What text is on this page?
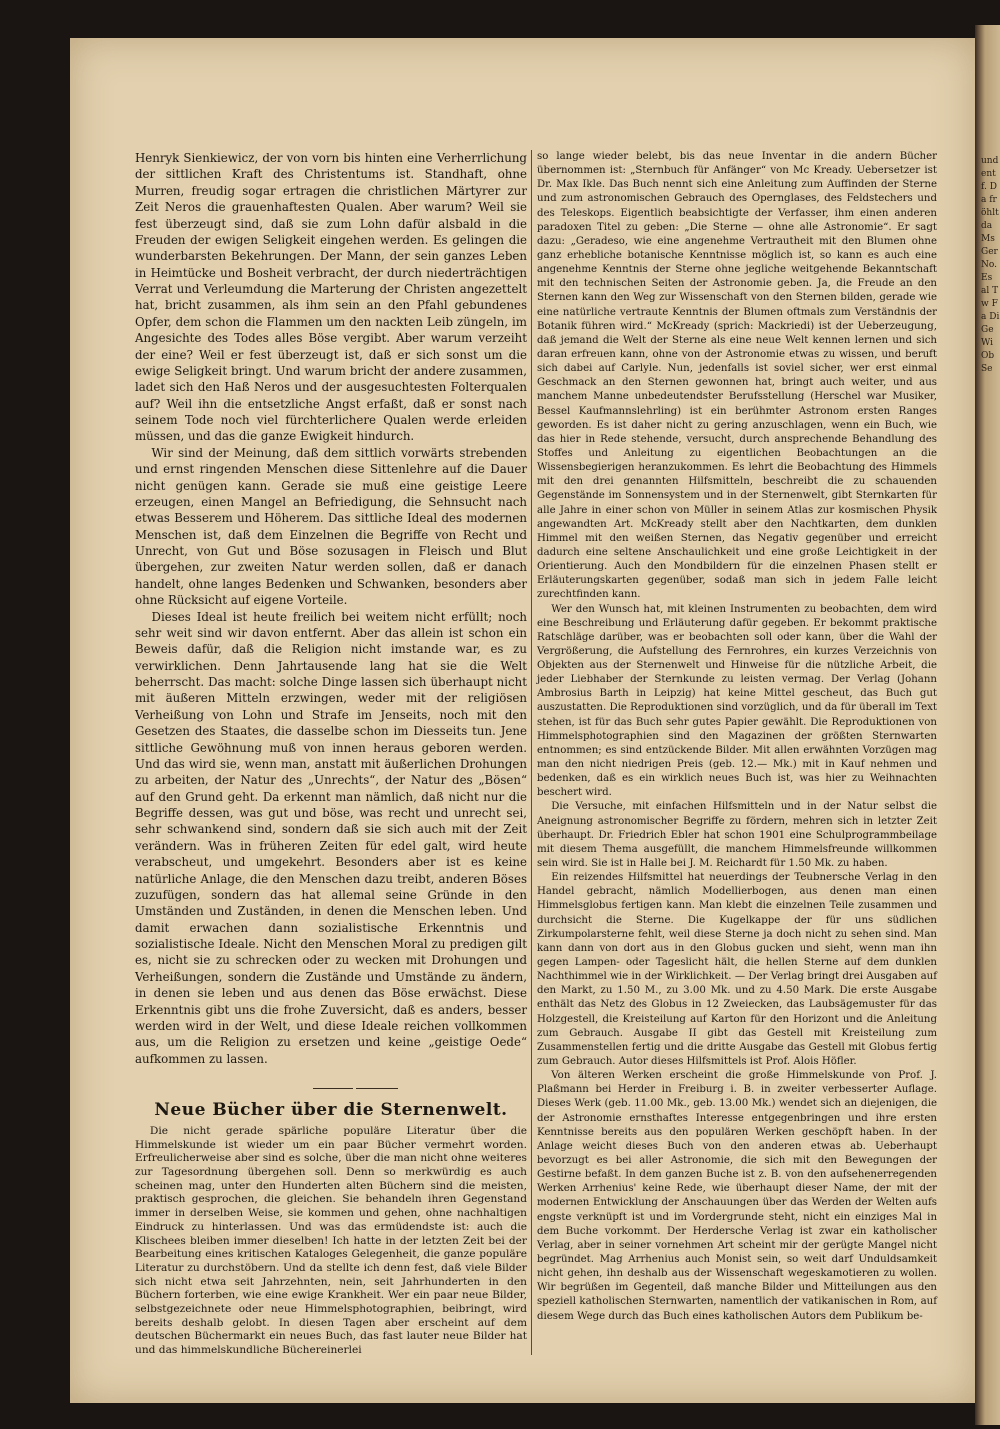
und ent f. Da fröhlt da Ms Ger No. Es al Tw Fa Di Ge Wi Ob Se

Henryk Sienkiewicz, der von vorn bis hinten eine Verherrlichung der sittlichen Kraft des Christentums ist. Standhaft, ohne Murren, freudig sogar ertragen die christlichen Märtyrer zur Zeit Neros die grauenhaftesten Qualen. Aber warum? Weil sie fest überzeugt sind, daß sie zum Lohn dafür alsbald in die Freuden der ewigen Seligkeit eingehen werden. Es gelingen die wunderbarsten Bekehrungen. Der Mann, der sein ganzes Leben in Heimtücke und Bosheit verbracht, der durch niederträchtigen Verrat und Verleumdung die Marterung der Christen angezettelt hat, bricht zusammen, als ihm sein an den Pfahl gebundenes Opfer, dem schon die Flammen um den nackten Leib züngeln, im Angesichte des Todes alles Böse vergibt. Aber warum verzeiht der eine? Weil er fest überzeugt ist, daß er sich sonst um die ewige Seligkeit bringt. Und warum bricht der andere zusammen, ladet sich den Haß Neros und der ausgesuchtesten Folterqualen auf? Weil ihn die entsetzliche Angst erfaßt, daß er sonst nach seinem Tode noch viel fürchterlichere Qualen werde erleiden müssen, und das die ganze Ewigkeit hindurch.

Wir sind der Meinung, daß dem sittlich vorwärts strebenden und ernst ringenden Menschen diese Sittenlehre auf die Dauer nicht genügen kann. Gerade sie muß eine geistige Leere erzeugen, einen Mangel an Befriedigung, die Sehnsucht nach etwas Besserem und Höherem. Das sittliche Ideal des modernen Menschen ist, daß dem Einzelnen die Begriffe von Recht und Unrecht, von Gut und Böse sozusagen in Fleisch und Blut übergehen, zur zweiten Natur werden sollen, daß er danach handelt, ohne langes Bedenken und Schwanken, besonders aber ohne Rücksicht auf eigene Vorteile.

Dieses Ideal ist heute freilich bei weitem nicht erfüllt; noch sehr weit sind wir davon entfernt. Aber das allein ist schon ein Beweis dafür, daß die Religion nicht imstande war, es zu verwirklichen. Denn Jahrtausende lang hat sie die Welt beherrscht. Das macht: solche Dinge lassen sich überhaupt nicht mit äußeren Mitteln erzwingen, weder mit der religiösen Verheißung von Lohn und Strafe im Jenseits, noch mit den Gesetzen des Staates, die dasselbe schon im Diesseits tun. Jene sittliche Gewöhnung muß von innen heraus geboren werden. Und das wird sie, wenn man, anstatt mit äußerlichen Drohungen zu arbeiten, der Natur des „Unrechts“, der Natur des „Bösen“ auf den Grund geht. Da erkennt man nämlich, daß nicht nur die Begriffe dessen, was gut und böse, was recht und unrecht sei, sehr schwankend sind, sondern daß sie sich auch mit der Zeit verändern. Was in früheren Zeiten für edel galt, wird heute verabscheut, und umgekehrt. Besonders aber ist es keine natürliche Anlage, die den Menschen dazu treibt, anderen Böses zuzufügen, sondern das hat allemal seine Gründe in den Umständen und Zuständen, in denen die Menschen leben. Und damit erwachen dann sozialistische Erkenntnis und sozialistische Ideale. Nicht den Menschen Moral zu predigen gilt es, nicht sie zu schrecken oder zu wecken mit Drohungen und Verheißungen, sondern die Zustände und Umstände zu ändern, in denen sie leben und aus denen das Böse erwächst. Diese Erkenntnis gibt uns die frohe Zuversicht, daß es anders, besser werden wird in der Welt, und diese Ideale reichen vollkommen aus, um die Religion zu ersetzen und keine „geistige Oede“ aufkommen zu lassen.

Neue Bücher über die Sternenwelt.

Die nicht gerade spärliche populäre Literatur über die Himmelskunde ist wieder um ein paar Bücher vermehrt worden. Erfreulicherweise aber sind es solche, über die man nicht ohne weiteres zur Tagesordnung übergehen soll. Denn so merkwürdig es auch scheinen mag, unter den Hunderten alten Büchern sind die meisten, praktisch gesprochen, die gleichen. Sie behandeln ihren Gegenstand immer in derselben Weise, sie kommen und gehen, ohne nachhaltigen Eindruck zu hinterlassen. Und was das ermüdendste ist: auch die Klischees bleiben immer dieselben! Ich hatte in der letzten Zeit bei der Bearbeitung eines kritischen Kataloges Gelegenheit, die ganze populäre Literatur zu durchstöbern. Und da stellte ich denn fest, daß viele Bilder sich nicht etwa seit Jahrzehnten, nein, seit Jahrhunderten in den Büchern forterben, wie eine ewige Krankheit. Wer ein paar neue Bilder, selbstgezeichnete oder neue Himmelsphotographien, beibringt, wird bereits deshalb gelobt. In diesen Tagen aber erscheint auf dem deutschen Büchermarkt ein neues Buch, das fast lauter neue Bilder hat und das himmelskundliche Büchereinerlei

so lange wieder belebt, bis das neue Inventar in die andern Bücher übernommen ist: „Sternbuch für Anfänger“ von Mc Kready. Uebersetzer ist Dr. Max Ikle. Das Buch nennt sich eine Anleitung zum Auffinden der Sterne und zum astronomischen Gebrauch des Opernglases, des Feldstechers und des Teleskops. Eigentlich beabsichtigte der Verfasser, ihm einen anderen paradoxen Titel zu geben: „Die Sterne — ohne alle Astronomie“. Er sagt dazu: „Geradeso, wie eine angenehme Vertrautheit mit den Blumen ohne ganz erhebliche botanische Kenntnisse möglich ist, so kann es auch eine angenehme Kenntnis der Sterne ohne jegliche weitgehende Bekanntschaft mit den technischen Seiten der Astronomie geben. Ja, die Freude an den Sternen kann den Weg zur Wissenschaft von den Sternen bilden, gerade wie eine natürliche vertraute Kenntnis der Blumen oftmals zum Verständnis der Botanik führen wird.“ McKready (sprich: Mackriedi) ist der Ueberzeugung, daß jemand die Welt der Sterne als eine neue Welt kennen lernen und sich daran erfreuen kann, ohne von der Astronomie etwas zu wissen, und beruft sich dabei auf Carlyle. Nun, jedenfalls ist soviel sicher, wer erst einmal Geschmack an den Sternen gewonnen hat, bringt auch weiter, und aus manchem Manne unbedeutendster Berufsstellung (Herschel war Musiker, Bessel Kaufmannslehrling) ist ein berühmter Astronom ersten Ranges geworden. Es ist daher nicht zu gering anzuschlagen, wenn ein Buch, wie das hier in Rede stehende, versucht, durch ansprechende Behandlung des Stoffes und Anleitung zu eigentlichen Beobachtungen an die Wissensbegierigen heranzukommen. Es lehrt die Beobachtung des Himmels mit den drei genannten Hilfsmitteln, beschreibt die zu schauenden Gegenstände im Sonnensystem und in der Sternenwelt, gibt Sternkarten für alle Jahre in einer schon von Müller in seinem Atlas zur kosmischen Physik angewandten Art. McKready stellt aber den Nachtkarten, dem dunklen Himmel mit den weißen Sternen, das Negativ gegenüber und erreicht dadurch eine seltene Anschaulichkeit und eine große Leichtigkeit in der Orientierung. Auch den Mondbildern für die einzelnen Phasen stellt er Erläuterungskarten gegenüber, sodaß man sich in jedem Falle leicht zurechtfinden kann.

Wer den Wunsch hat, mit kleinen Instrumenten zu beobachten, dem wird eine Beschreibung und Erläuterung dafür gegeben. Er bekommt praktische Ratschläge darüber, was er beobachten soll oder kann, über die Wahl der Vergrößerung, die Aufstellung des Fernrohres, ein kurzes Verzeichnis von Objekten aus der Sternenwelt und Hinweise für die nützliche Arbeit, die jeder Liebhaber der Sternkunde zu leisten vermag. Der Verlag (Johann Ambrosius Barth in Leipzig) hat keine Mittel gescheut, das Buch gut auszustatten. Die Reproduktionen sind vorzüglich, und da für überall im Text stehen, ist für das Buch sehr gutes Papier gewählt. Die Reproduktionen von Himmelsphotographien sind den Magazinen der größten Sternwarten entnommen; es sind entzückende Bilder. Mit allen erwähnten Vorzügen mag man den nicht niedrigen Preis (geb. 12.— Mk.) mit in Kauf nehmen und bedenken, daß es ein wirklich neues Buch ist, was hier zu Weihnachten beschert wird.

Die Versuche, mit einfachen Hilfsmitteln und in der Natur selbst die Aneignung astronomischer Begriffe zu fördern, mehren sich in letzter Zeit überhaupt. Dr. Friedrich Ebler hat schon 1901 eine Schulprogrammbeilage mit diesem Thema ausgefüllt, die manchem Himmelsfreunde willkommen sein wird. Sie ist in Halle bei J. M. Reichardt für 1.50 Mk. zu haben.

Ein reizendes Hilfsmittel hat neuerdings der Teubnersche Verlag in den Handel gebracht, nämlich Modellierbogen, aus denen man einen Himmelsglobus fertigen kann. Man klebt die einzelnen Teile zusammen und durchsicht die Sterne. Die Kugelkappe der für uns südlichen Zirkumpolarsterne fehlt, weil diese Sterne ja doch nicht zu sehen sind. Man kann dann von dort aus in den Globus gucken und sieht, wenn man ihn gegen Lampen- oder Tageslicht hält, die hellen Sterne auf dem dunklen Nachthimmel wie in der Wirklichkeit. — Der Verlag bringt drei Ausgaben auf den Markt, zu 1.50 M., zu 3.00 Mk. und zu 4.50 Mark. Die erste Ausgabe enthält das Netz des Globus in 12 Zweiecken, das Laubsägemuster für das Holzgestell, die Kreisteilung auf Karton für den Horizont und die Anleitung zum Gebrauch. Ausgabe II gibt das Gestell mit Kreisteilung zum Zusammenstellen fertig und die dritte Ausgabe das Gestell mit Globus fertig zum Gebrauch. Autor dieses Hilfsmittels ist Prof. Alois Höfler.

Von älteren Werken erscheint die große Himmelskunde von Prof. J. Plaßmann bei Herder in Freiburg i. B. in zweiter verbesserter Auflage. Dieses Werk (geb. 11.00 Mk., geb. 13.00 Mk.) wendet sich an diejenigen, die der Astronomie ernsthaftes Interesse entgegenbringen und ihre ersten Kenntnisse bereits aus den populären Werken geschöpft haben. In der Anlage weicht dieses Buch von den anderen etwas ab. Ueberhaupt bevorzugt es bei aller Astronomie, die sich mit den Bewegungen der Gestirne befaßt. In dem ganzen Buche ist z. B. von den aufsehenerregenden Werken Arrhenius' keine Rede, wie überhaupt dieser Name, der mit der modernen Entwicklung der Anschauungen über das Werden der Welten aufs engste verknüpft ist und im Vordergrunde steht, nicht ein einziges Mal in dem Buche vorkommt. Der Herdersche Verlag ist zwar ein katholischer Verlag, aber in seiner vornehmen Art scheint mir der gerügte Mangel nicht begründet. Mag Arrhenius auch Monist sein, so weit darf Unduldsamkeit nicht gehen, ihn deshalb aus der Wissenschaft wegeskamotieren zu wollen. Wir begrüßen im Gegenteil, daß manche Bilder und Mitteilungen aus den speziell katholischen Sternwarten, namentlich der vatikanischen in Rom, auf diesem Wege durch das Buch eines katholischen Autors dem Publikum be-
